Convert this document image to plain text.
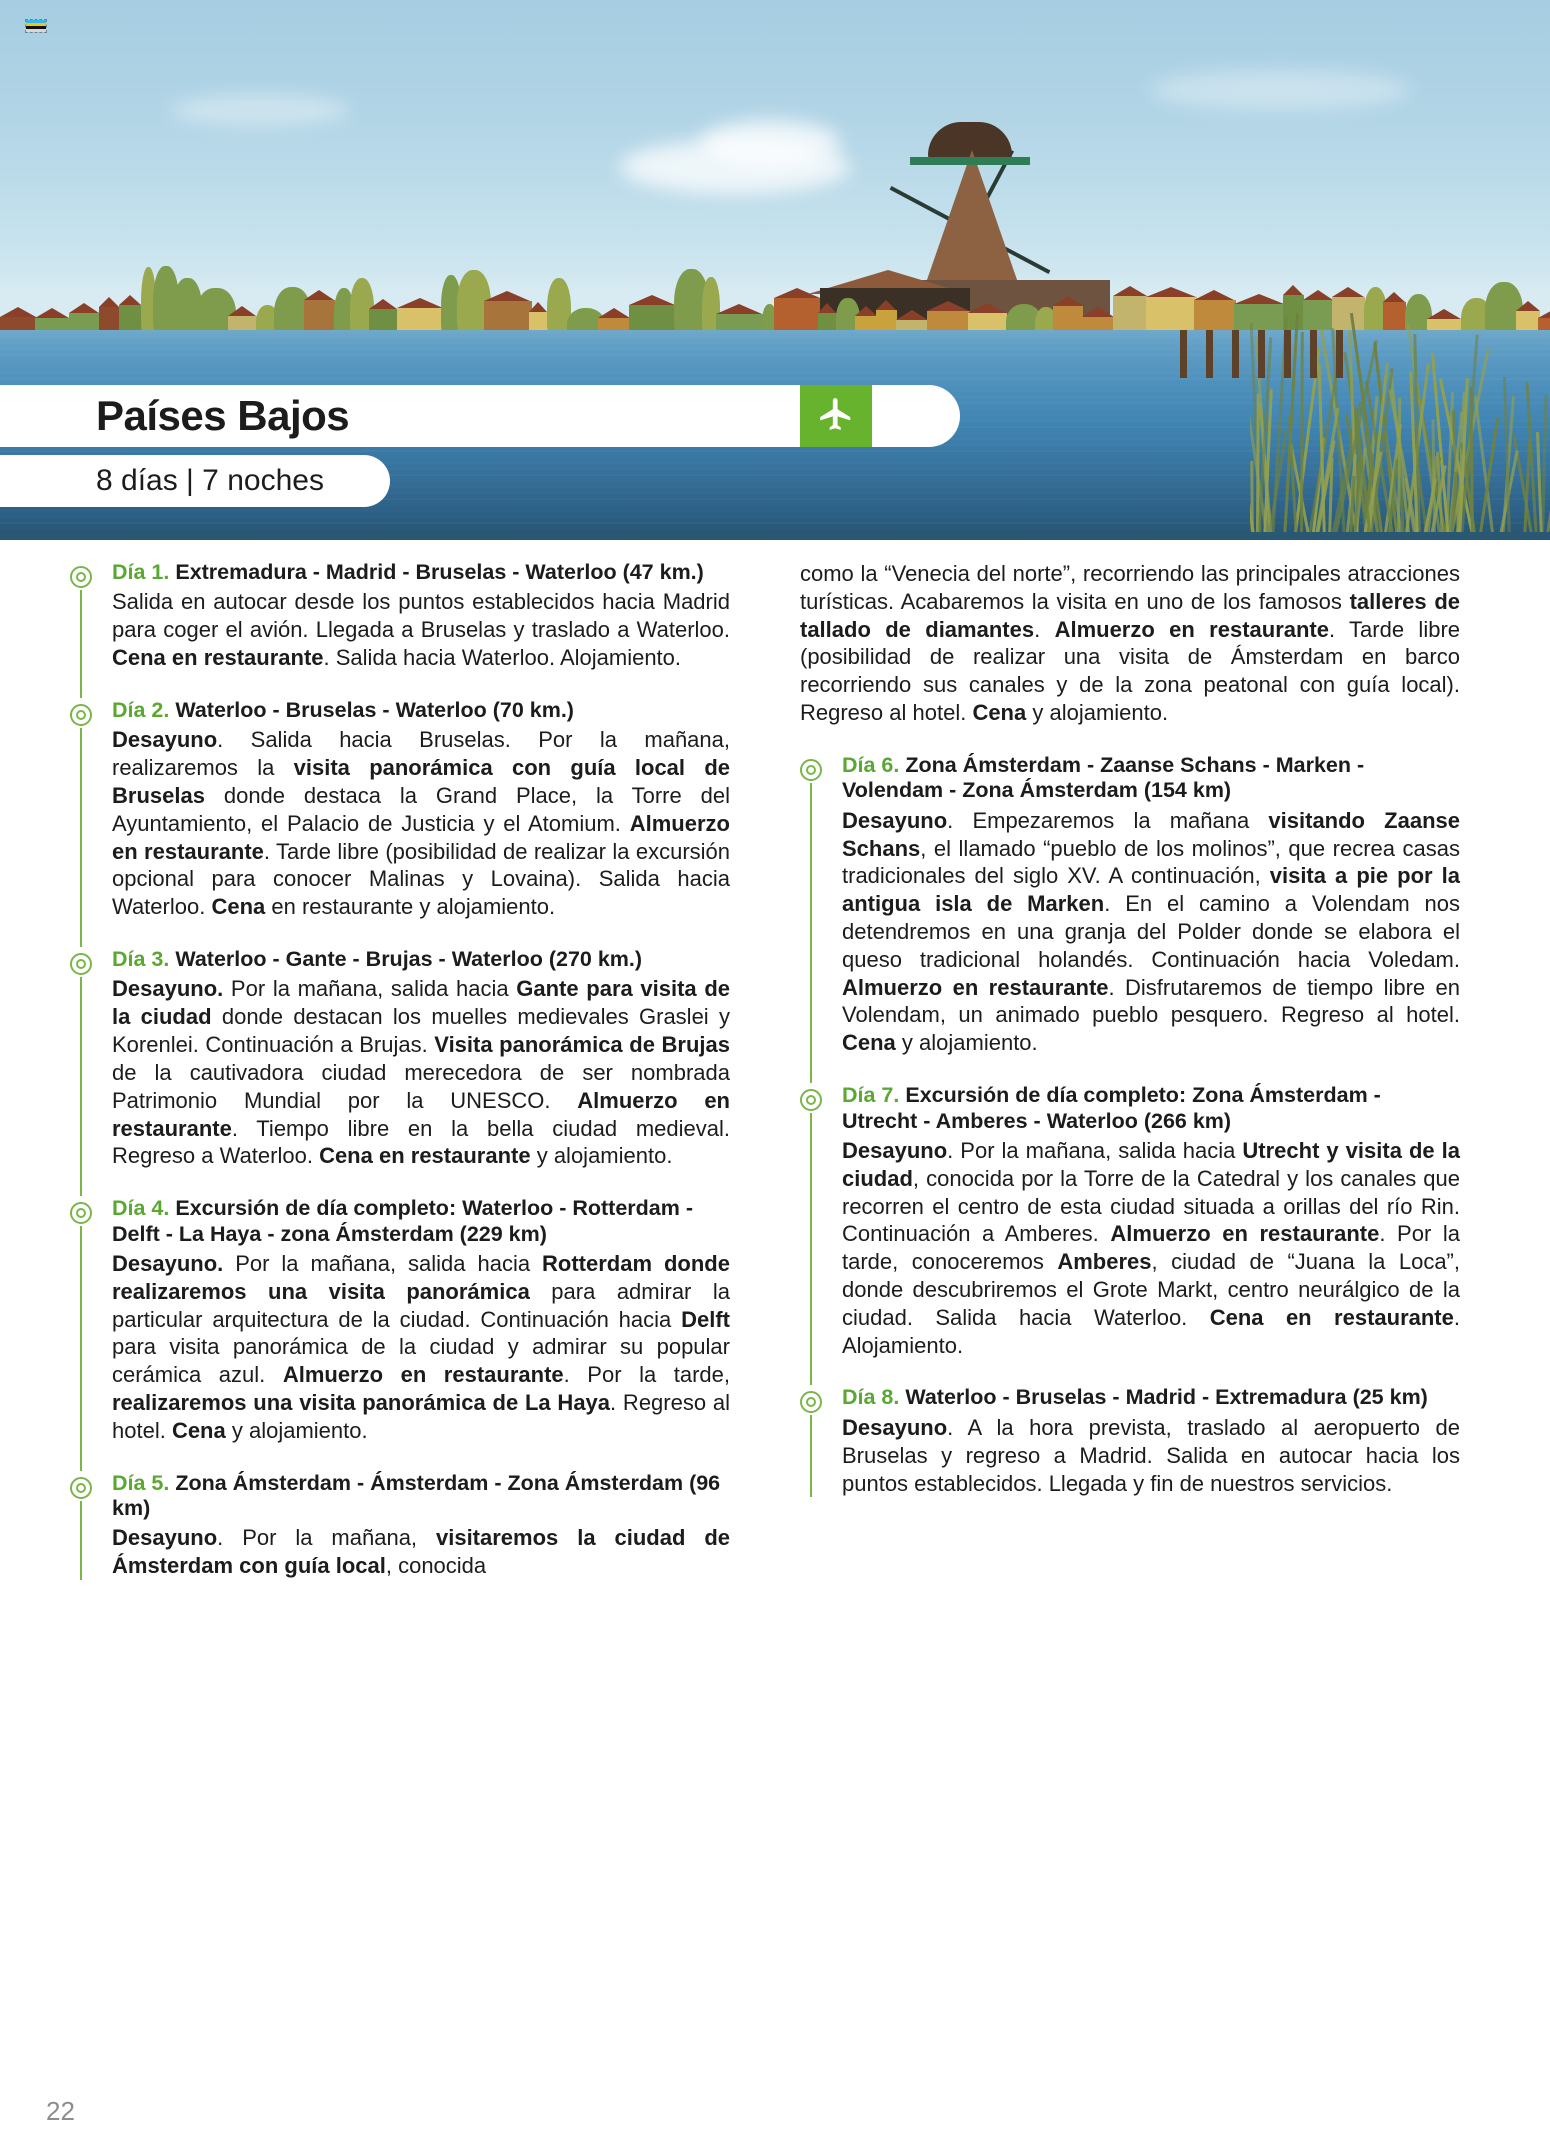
Países Bajos
8 días | 7 noches
Día 1. Extremadura - Madrid - Bruselas - Waterloo (47 km.)

Salida en autocar desde los puntos establecidos hacia Madrid para coger el avión. Llegada a Bruselas y traslado a Waterloo. Cena en restaurante. Salida hacia Waterloo. Alojamiento.

Día 2. Waterloo - Bruselas - Waterloo (70 km.)

Desayuno. Salida hacia Bruselas. Por la mañana, realizaremos la visita panorámica con guía local de Bruselas donde destaca la Grand Place, la Torre del Ayuntamiento, el Palacio de Justicia y el Atomium. Almuerzo en restaurante. Tarde libre (posibilidad de realizar la excursión opcional para conocer Malinas y Lovaina). Salida hacia Waterloo. Cena en restaurante y alojamiento.

Día 3. Waterloo - Gante - Brujas - Waterloo (270 km.)

Desayuno. Por la mañana, salida hacia Gante para visita de la ciudad donde destacan los muelles medievales Graslei y Korenlei. Continuación a Brujas. Visita panorámica de Brujas de la cautivadora ciudad merecedora de ser nombrada Patrimonio Mundial por la UNESCO. Almuerzo en restaurante. Tiempo libre en la bella ciudad medieval. Regreso a Waterloo. Cena en restaurante y alojamiento.

Día 4. Excursión de día completo: Waterloo - Rotterdam - Delft - La Haya - zona Ámsterdam (229 km)

Desayuno. Por la mañana, salida hacia Rotterdam donde realizaremos una visita panorámica para admirar la particular arquitectura de la ciudad. Continuación hacia Delft para visita panorámica de la ciudad y admirar su popular cerámica azul. Almuerzo en restaurante. Por la tarde, realizaremos una visita panorámica de La Haya. Regreso al hotel. Cena y alojamiento.

Día 5. Zona Ámsterdam - Ámsterdam - Zona Ámsterdam (96 km)

Desayuno. Por la mañana, visitaremos la ciudad de Ámsterdam con guía local, conocida

como la “Venecia del norte”, recorriendo las principales atracciones turísticas. Acabaremos la visita en uno de los famosos talleres de tallado de diamantes. Almuerzo en restaurante. Tarde libre (posibilidad de realizar una visita de Ámsterdam en barco recorriendo sus canales y de la zona peatonal con guía local). Regreso al hotel. Cena y alojamiento.

Día 6. Zona Ámsterdam - Zaanse Schans - Marken - Volendam - Zona Ámsterdam (154 km)

Desayuno. Empezaremos la mañana visitando Zaanse Schans, el llamado “pueblo de los molinos”, que recrea casas tradicionales del siglo XV. A continuación, visita a pie por la antigua isla de Marken. En el camino a Volendam nos detendremos en una granja del Polder donde se elabora el queso tradicional holandés. Continuación hacia Voledam. Almuerzo en restaurante. Disfrutaremos de tiempo libre en Volendam, un animado pueblo pesquero. Regreso al hotel. Cena y alojamiento.

Día 7. Excursión de día completo: Zona Ámsterdam - Utrecht - Amberes - Waterloo (266 km)

Desayuno. Por la mañana, salida hacia Utrecht y visita de la ciudad, conocida por la Torre de la Catedral y los canales que recorren el centro de esta ciudad situada a orillas del río Rin. Continuación a Amberes. Almuerzo en restaurante. Por la tarde, conoceremos Amberes, ciudad de “Juana la Loca”, donde descubriremos el Grote Markt, centro neurálgico de la ciudad. Salida hacia Waterloo. Cena en restaurante. Alojamiento.

Día 8. Waterloo - Bruselas - Madrid - Extremadura (25 km)

Desayuno. A la hora prevista, traslado al aeropuerto de Bruselas y regreso a Madrid. Salida en autocar hacia los puntos establecidos. Llegada y fin de nuestros servicios.

22
